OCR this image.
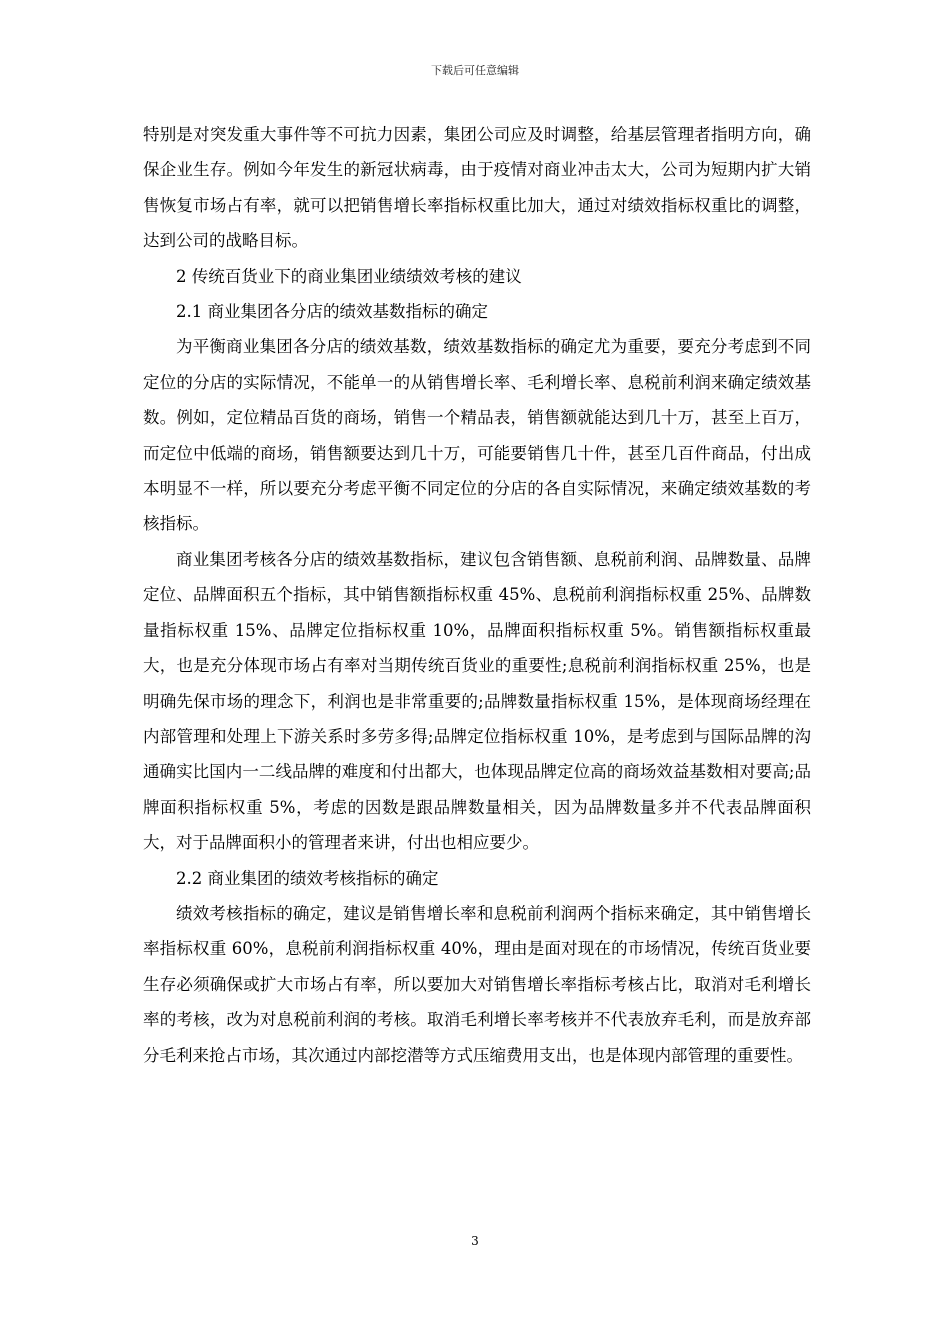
下载后可任意编辑

特别是对突发重大事件等不可抗力因素，集团公司应及时调整，给基层管理者指明方向，确保企业生存。例如今年发生的新冠状病毒，由于疫情对商业冲击太大，公司为短期内扩大销售恢复市场占有率，就可以把销售增长率指标权重比加大，通过对绩效指标权重比的调整，达到公司的战略目标。

2 传统百货业下的商业集团业绩绩效考核的建议

2.1 商业集团各分店的绩效基数指标的确定

为平衡商业集团各分店的绩效基数，绩效基数指标的确定尤为重要，要充分考虑到不同定位的分店的实际情况，不能单一的从销售增长率、毛利增长率、息税前利润来确定绩效基数。例如，定位精品百货的商场，销售一个精品表，销售额就能达到几十万，甚至上百万，而定位中低端的商场，销售额要达到几十万，可能要销售几十件，甚至几百件商品，付出成本明显不一样，所以要充分考虑平衡不同定位的分店的各自实际情况，来确定绩效基数的考核指标。

商业集团考核各分店的绩效基数指标，建议包含销售额、息税前利润、品牌数量、品牌定位、品牌面积五个指标，其中销售额指标权重 45%、息税前利润指标权重 25%、品牌数量指标权重 15%、品牌定位指标权重 10%，品牌面积指标权重 5%。销售额指标权重最大，也是充分体现市场占有率对当期传统百货业的重要性;息税前利润指标权重 25%，也是明确先保市场的理念下，利润也是非常重要的;品牌数量指标权重 15%，是体现商场经理在内部管理和处理上下游关系时多劳多得;品牌定位指标权重 10%，是考虑到与国际品牌的沟通确实比国内一二线品牌的难度和付出都大，也体现品牌定位高的商场效益基数相对要高;品牌面积指标权重 5%，考虑的因数是跟品牌数量相关，因为品牌数量多并不代表品牌面积大，对于品牌面积小的管理者来讲，付出也相应要少。

2.2 商业集团的绩效考核指标的确定

绩效考核指标的确定，建议是销售增长率和息税前利润两个指标来确定，其中销售增长率指标权重 60%，息税前利润指标权重 40%，理由是面对现在的市场情况，传统百货业要生存必须确保或扩大市场占有率，所以要加大对销售增长率指标考核占比，取消对毛利增长率的考核，改为对息税前利润的考核。取消毛利增长率考核并不代表放弃毛利，而是放弃部分毛利来抢占市场，其次通过内部挖潜等方式压缩费用支出，也是体现内部管理的重要性。

3
